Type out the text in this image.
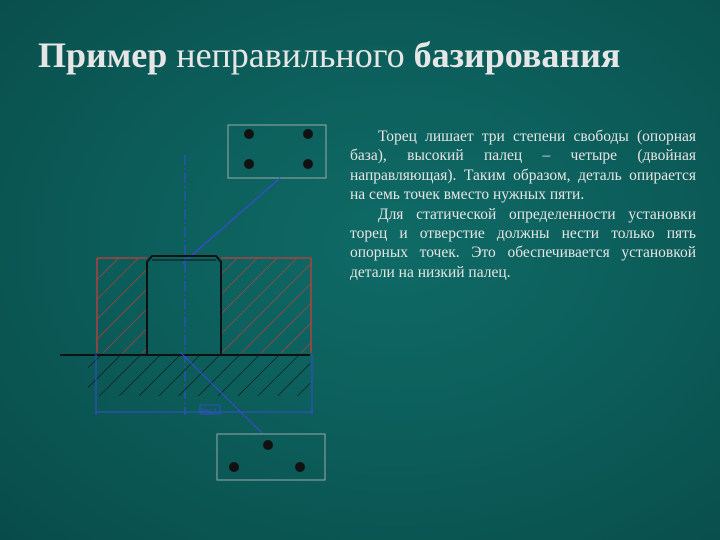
Пример неправильного базирования
Рис.4

Торец лишает три степени свободы (опорная база), высокий палец – четыре (двойная направляющая). Таким образом, деталь опирается на семь точек вместо нужных пяти.

Для статической определенности установки торец и отверстие должны нести только пять опорных точек. Это обеспечивается установкой детали на низкий палец.
